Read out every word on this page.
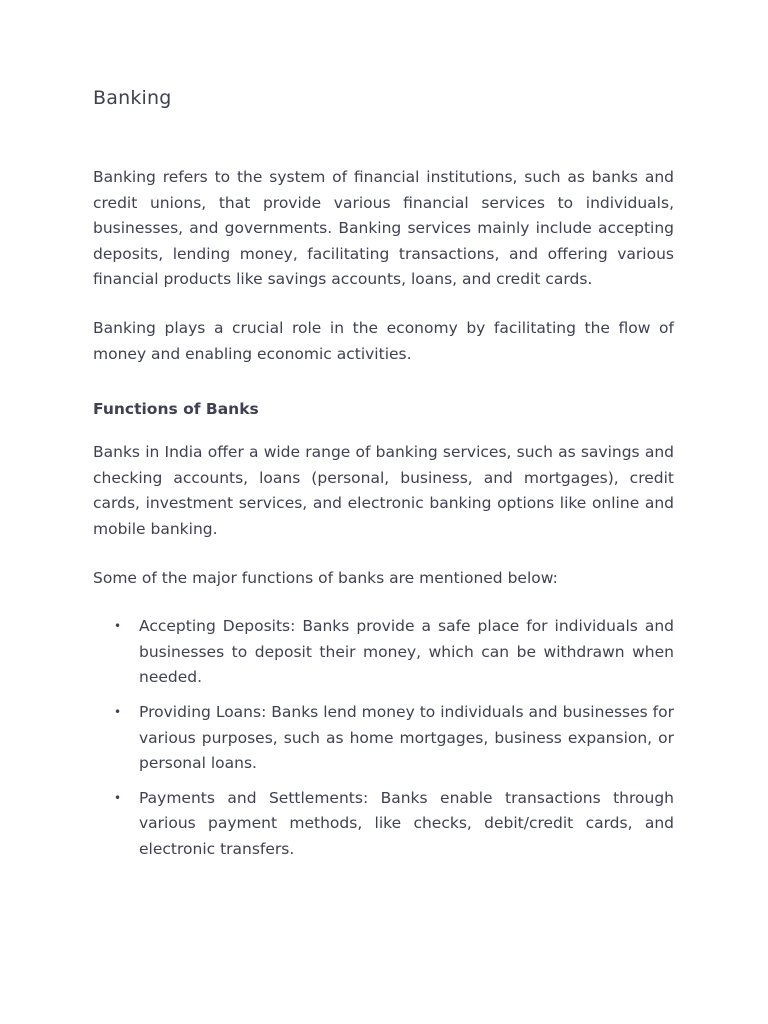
Banking

Banking refers to the system of financial institutions, such as banks and credit unions, that provide various financial services to individuals, businesses, and governments. Banking services mainly include accepting deposits, lending money, facilitating transactions, and offering various financial products like savings accounts, loans, and credit cards.

Banking plays a crucial role in the economy by facilitating the flow of money and enabling economic activities.

Functions of Banks

Banks in India offer a wide range of banking services, such as savings and checking accounts, loans (personal, business, and mortgages), credit cards, investment services, and electronic banking options like online and mobile banking.

Some of the major functions of banks are mentioned below:

• Accepting Deposits: Banks provide a safe place for individuals and businesses to deposit their money, which can be withdrawn when needed.
• Providing Loans: Banks lend money to individuals and businesses for various purposes, such as home mortgages, business expansion, or personal loans.
• Payments and Settlements: Banks enable transactions through various payment methods, like checks, debit/credit cards, and electronic transfers.
